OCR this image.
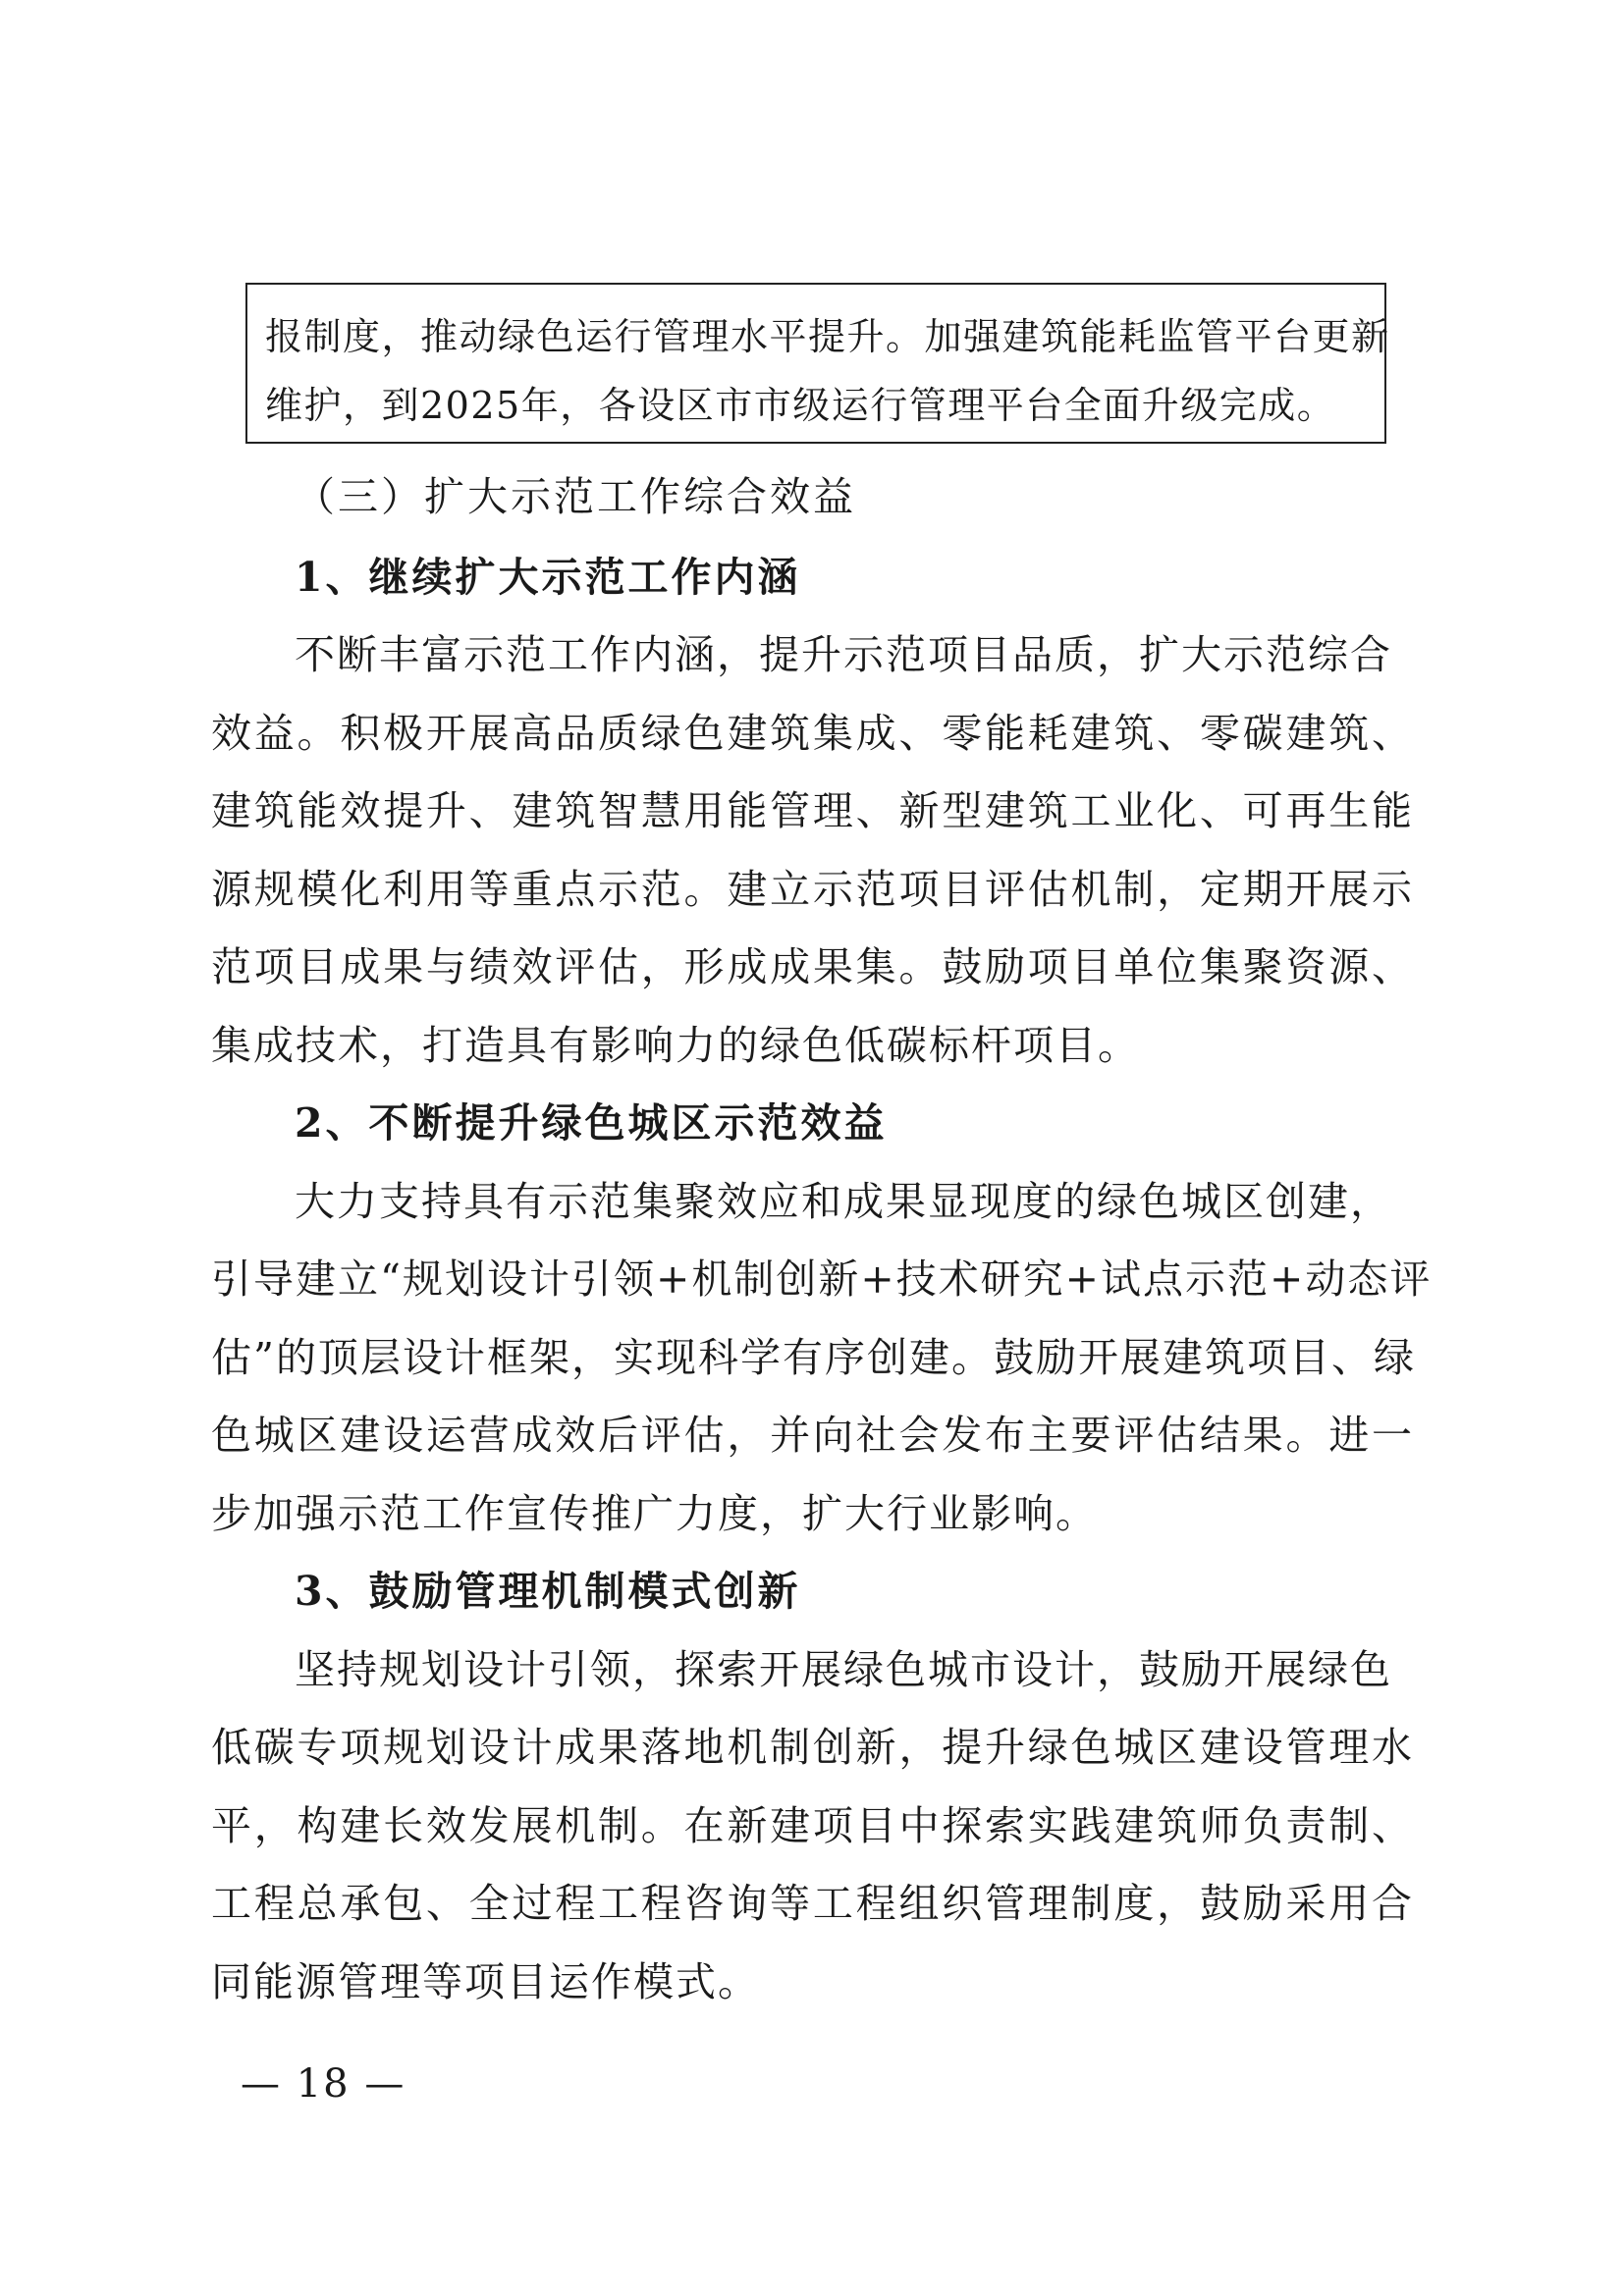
报制度，推动绿色运行管理水平提升。加强建筑能耗监管平台更新
维护，到2025年，各设区市市级运行管理平台全面升级完成。
（三）扩大示范工作综合效益
1、继续扩大示范工作内涵
不断丰富示范工作内涵，提升示范项目品质，扩大示范综合
效益。积极开展高品质绿色建筑集成、零能耗建筑、零碳建筑、
建筑能效提升、建筑智慧用能管理、新型建筑工业化、可再生能
源规模化利用等重点示范。建立示范项目评估机制，定期开展示
范项目成果与绩效评估，形成成果集。鼓励项目单位集聚资源、
集成技术，打造具有影响力的绿色低碳标杆项目。
2、不断提升绿色城区示范效益
大力支持具有示范集聚效应和成果显现度的绿色城区创建，
引导建立“规划设计引领+机制创新+技术研究+试点示范+动态评
估”的顶层设计框架，实现科学有序创建。鼓励开展建筑项目、绿
色城区建设运营成效后评估，并向社会发布主要评估结果。进一
步加强示范工作宣传推广力度，扩大行业影响。
3、鼓励管理机制模式创新
坚持规划设计引领，探索开展绿色城市设计，鼓励开展绿色
低碳专项规划设计成果落地机制创新，提升绿色城区建设管理水
平，构建长效发展机制。在新建项目中探索实践建筑师负责制、
工程总承包、全过程工程咨询等工程组织管理制度，鼓励采用合
同能源管理等项目运作模式。
— 18 —
